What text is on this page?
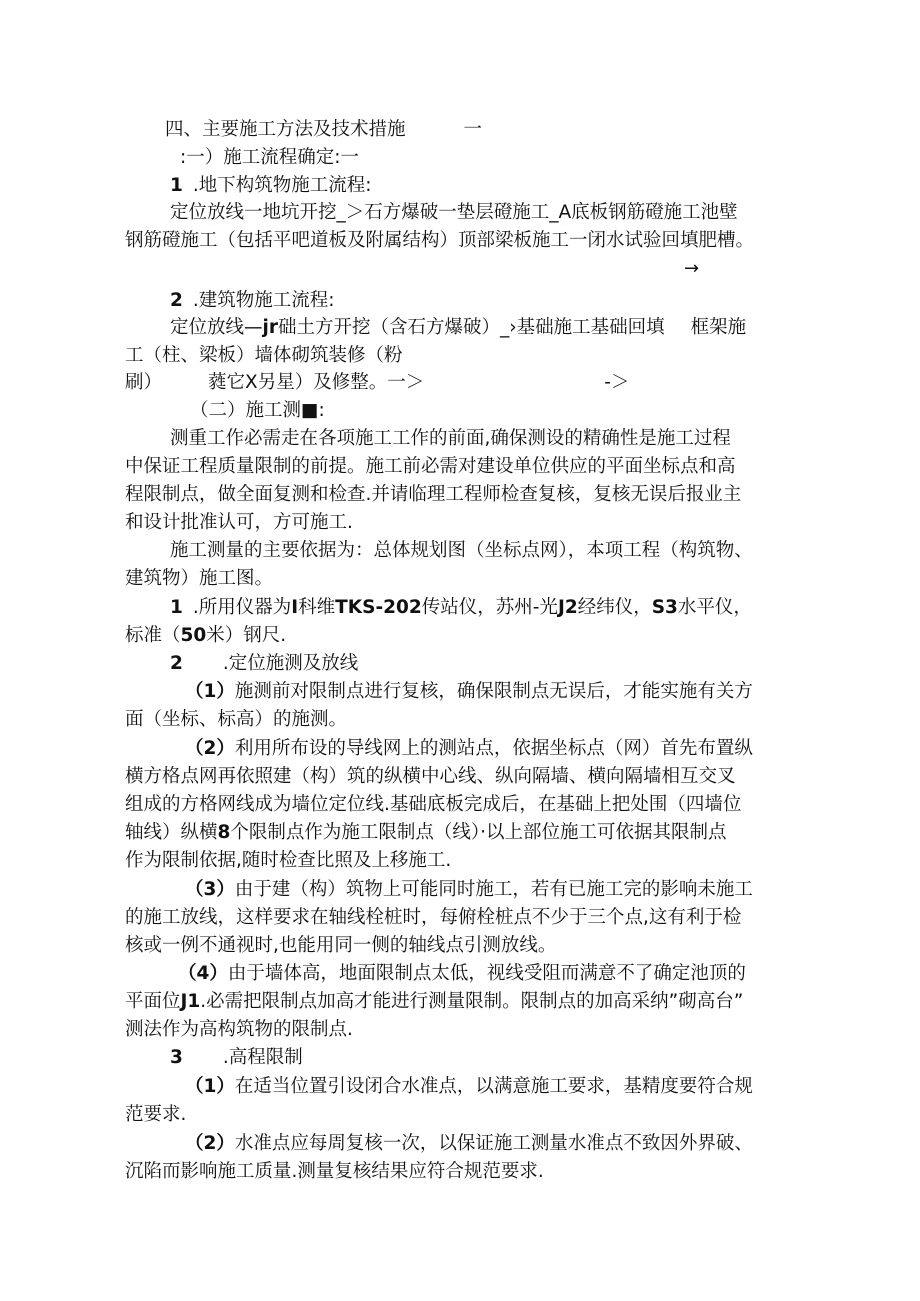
四、主要施工方法及技术措施	一
:一）施工流程确定:一
1 .地下构筑物施工流程:
定位放线一地坑开挖_＞石方爆破一垫层磴施工_A底板钢筋磴施工池壁
钢筋磴施工（包括平吧道板及附属结构）顶部梁板施工一闭水试验回填肥槽。
→
2 .建筑物施工流程:
定位放线—jr础土方开挖（含石方爆破）_›基础施工基础回填 框架施
工（柱、梁板）墙体砌筑装修（粉
刷） 蕤它X另星）及修整。一＞	-＞
（二）施工测■:
测重工作必需走在各项施工工作的前面,确保测设的精确性是施工过程
中保证工程质量限制的前提。施工前必需对建设单位供应的平面坐标点和高
程限制点，做全面复测和检查.并请临理工程师检查复核，复核无误后报业主
和设计批准认可，方可施工.
施工测量的主要依据为：总体规划图（坐标点网），本项工程（构筑物、
建筑物）施工图。
1 .所用仪器为I科维TKS-202传站仪，苏州-光J2经纬仪，S3水平仪，
标准（50米）钢尺.
2 .定位施测及放线
（1）施测前对限制点进行复核，确保限制点无误后，才能实施有关方
面（坐标、标高）的施测。
（2）利用所布设的导线网上的测站点，依据坐标点（网）首先布置纵
横方格点网再依照建（构）筑的纵横中心线、纵向隔墙、横向隔墙相互交叉
组成的方格网线成为墙位定位线.基础底板完成后，在基础上把处围（四墙位
轴线）纵横8个限制点作为施工限制点（线）·以上部位施工可依据其限制点
作为限制依据,随时检查比照及上移施工.
（3）由于建（构）筑物上可能同时施工，若有已施工完的影响未施工
的施工放线，这样要求在轴线栓桩时，每俯栓桩点不少于三个点,这有利于检
核或一例不通视时,也能用同一侧的轴线点引测放线。
（4）由于墙体高，地面限制点太低，视线受阻而满意不了确定池顶的
平面位J1.必需把限制点加高才能进行测量限制。限制点的加高采纳”砌高台”
测法作为高构筑物的限制点.
3 .高程限制
（1）在适当位置引设闭合水准点，以满意施工要求，基精度要符合规
范要求.
（2）水准点应每周复核一次，以保证施工测量水准点不致因外界破、
沉陷而影响施工质量.测量复核结果应符合规范要求.
